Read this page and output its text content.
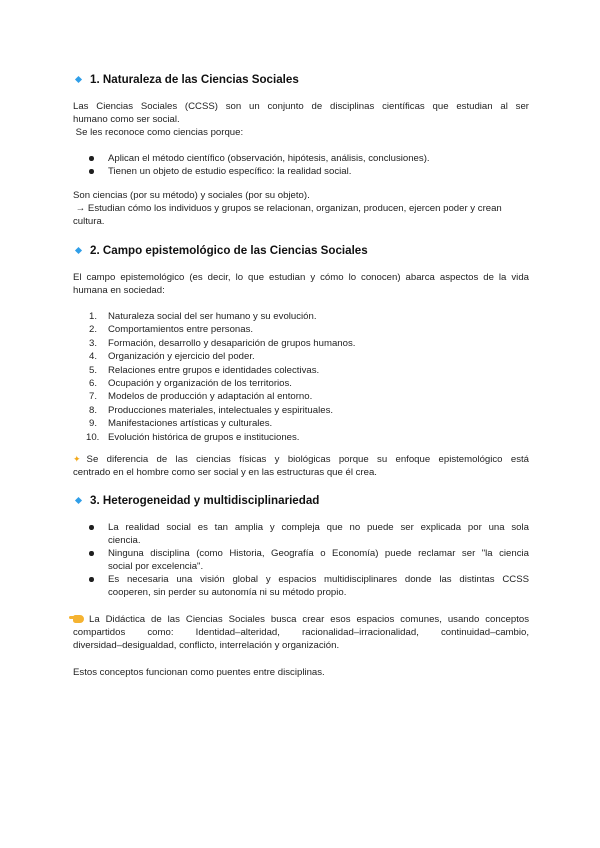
1. Naturaleza de las Ciencias Sociales

Las Ciencias Sociales (CCSS) son un conjunto de disciplinas científicas que estudian al ser

humano como ser social.

Se les reconoce como ciencias porque:

Aplican el método científico (observación, hipótesis, análisis, conclusiones).
Tienen un objeto de estudio específico: la realidad social.

Son ciencias (por su método) y sociales (por su objeto).

→ Estudian cómo los individuos y grupos se relacionan, organizan, producen, ejercen poder y crean

cultura.

2. Campo epistemológico de las Ciencias Sociales

El campo epistemológico (es decir, lo que estudian y cómo lo conocen) abarca aspectos de la vida

humana en sociedad:

1.	Naturaleza social del ser humano y su evolución.
2.	Comportamientos entre personas.
3.	Formación, desarrollo y desaparición de grupos humanos.
4.	Organización y ejercicio del poder.
5.	Relaciones entre grupos e identidades colectivas.
6.	Ocupación y organización de los territorios.
7.	Modelos de producción y adaptación al entorno.
8.	Producciones materiales, intelectuales y espirituales.
9.	Manifestaciones artísticas y culturales.
10. Evolución histórica de grupos e instituciones.

✦ Se diferencia de las ciencias físicas y biológicas porque su enfoque epistemológico está

centrado en el hombre como ser social y en las estructuras que él crea.

3. Heterogeneidad y multidisciplinariedad
La realidad social es tan amplia y compleja que no puede ser explicada por una sola
ciencia.
Ninguna disciplina (como Historia, Geografía o Economía) puede reclamar ser "la ciencia
social por excelencia".
Es necesaria una visión global y espacios multidisciplinares donde las distintas CCSS
cooperen, sin perder su autonomía ni su método propio.

La Didáctica de las Ciencias Sociales busca crear esos espacios comunes, usando conceptos

compartidos como: Identidad–alteridad, racionalidad–irracionalidad, continuidad–cambio,

diversidad–desigualdad, conflicto, interrelación y organización.

Estos conceptos funcionan como puentes entre disciplinas.
